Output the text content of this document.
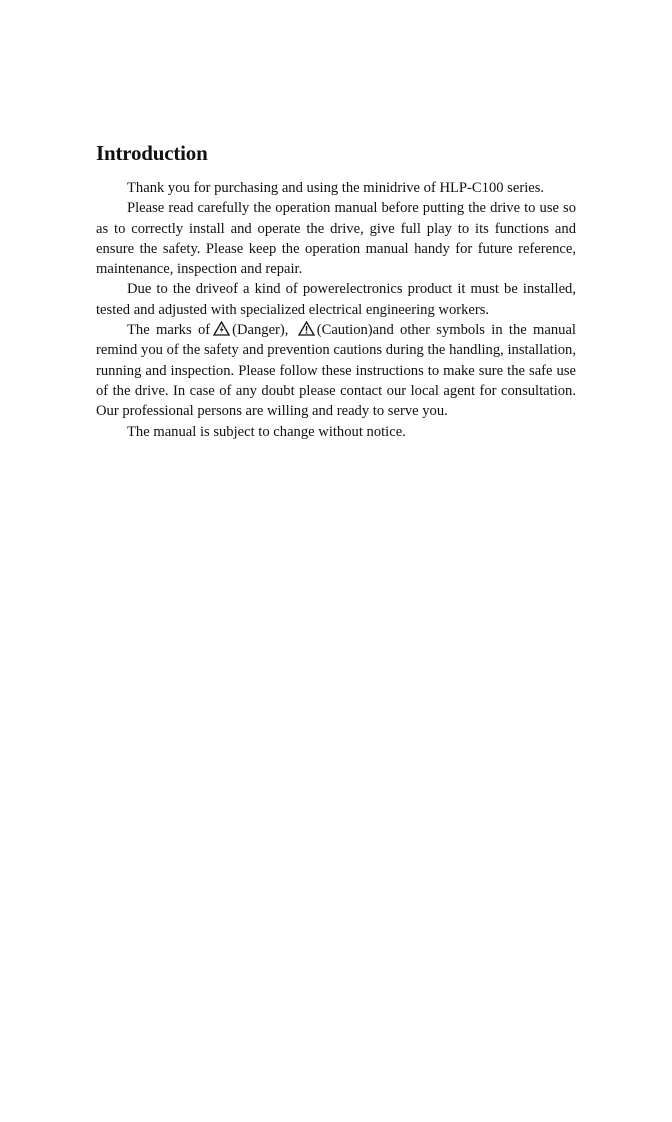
Introduction

Thank you for purchasing and using the minidrive of HLP-C100 series.

Please read carefully the operation manual before putting the drive to use so as to correctly install and operate the drive, give full play to its functions and ensure the safety. Please keep the operation manual handy for future reference, maintenance, inspection and repair.

Due to the driveof a kind of powerelectronics product it must be installed, tested and adjusted with specialized electrical engineering workers.

The marks of (Danger), (Caution)and other symbols in the manual remind you of the safety and prevention cautions during the handling, installation, running and inspection. Please follow these instructions to make sure the safe use of the drive. In case of any doubt please contact our local agent for consultation. Our professional persons are willing and ready to serve you.

The manual is subject to change without notice.
